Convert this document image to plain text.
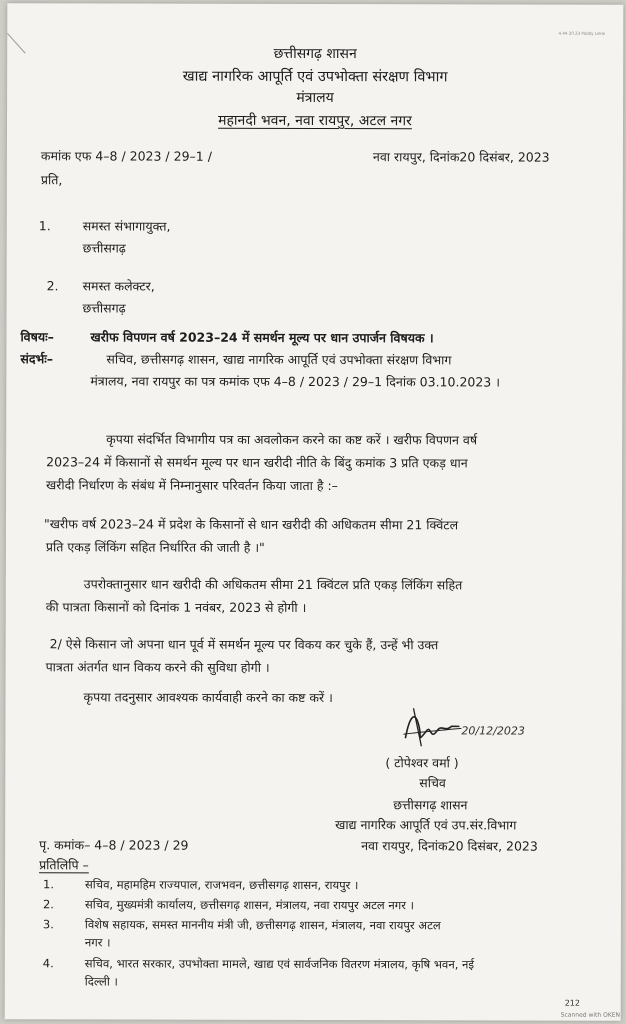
4.44 20.23 Paddy Lekai
छत्तीसगढ़ शासन
खाद्य नागरिक आपूर्ति एवं उपभोक्ता संरक्षण विभाग
मंत्रालय
महानदी भवन, नवा रायपुर, अटल नगर
कमांक एफ 4–8 / 2023 / 29–1 /	नवा रायपुर, दिनांक20 दिसंबर, 2023
प्रति,
1.	समस्त संभागायुक्त,
छत्तीसगढ़
2. समस्त कलेक्टर,
छत्तीसगढ़
विषयः–	खरीफ विपणन वर्ष 2023–24 में समर्थन मूल्य पर धान उपार्जन विषयक ।
संदर्भः–	सचिव, छत्तीसगढ़ शासन, खाद्य नागरिक आपूर्ति एवं उपभोक्ता संरक्षण विभाग
मंत्रालय, नवा रायपुर का पत्र कमांक एफ 4–8 / 2023 / 29–1 दिनांक 03.10.2023 ।
कृपया संदर्भित विभागीय पत्र का अवलोकन करने का कष्ट करें । खरीफ विपणन वर्ष
2023–24 में किसानों से समर्थन मूल्य पर धान खरीदी नीति के बिंदु कमांक 3 प्रति एकड़ धान
खरीदी निर्धारण के संबंध में निम्नानुसार परिवर्तन किया जाता है :–
"खरीफ वर्ष 2023–24 में प्रदेश के किसानों से धान खरीदी की अधिकतम सीमा 21 क्विंटल
प्रति एकड़ लिंकिंग सहित निर्धारित की जाती है ।"
उपरोक्तानुसार धान खरीदी की अधिकतम सीमा 21 क्विंटल प्रति एकड़ लिंकिंग सहित
की पात्रता किसानों को दिनांक 1 नवंबर, 2023 से होगी ।
2/ ऐसे किसान जो अपना धान पूर्व में समर्थन मूल्य पर विकय कर चुके हैं, उन्हें भी उक्त
पात्रता अंतर्गत धान विकय करने की सुविधा होगी ।
कृपया तदनुसार आवश्यक कार्यवाही करने का कष्ट करें ।
20/12/2023
( टोपेश्वर वर्मा )
सचिव
छत्तीसगढ़ शासन
खाद्य नागरिक आपूर्ति एवं उप.संर.विभाग
पृ. कमांक– 4–8 / 2023 / 29	नवा रायपुर, दिनांक20 दिसंबर, 2023
प्रतिलिपि –
1.	सचिव, महामहिम राज्यपाल, राजभवन, छत्तीसगढ़ शासन, रायपुर ।
2.	सचिव, मुख्यमंत्री कार्यालय, छत्तीसगढ़ शासन, मंत्रालय, नवा रायपुर अटल नगर ।
3.	विशेष सहायक, समस्त माननीय मंत्री जी, छत्तीसगढ़ शासन, मंत्रालय, नवा रायपुर अटल
नगर ।
4.	सचिव, भारत सरकार, उपभोक्ता मामले, खाद्य एवं सार्वजनिक वितरण मंत्रालय, कृषि भवन, नई
दिल्ली ।
212
Scanned with OKEN
